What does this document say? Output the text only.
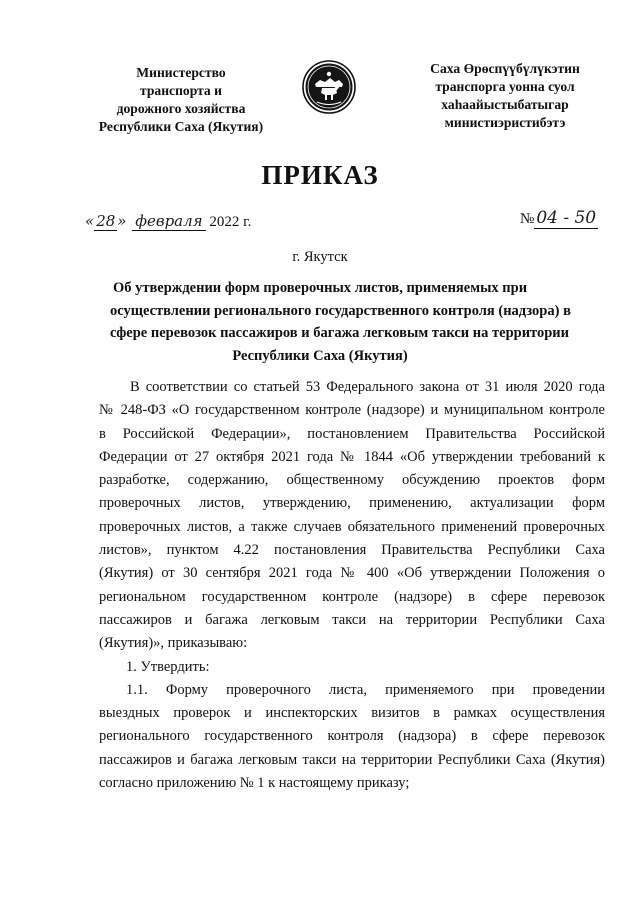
Министерство
транспорта и
дорожного хозяйства
Республики Саха (Якутия)
Саха Өрөспүүбүлүкэтин
транспорга уонна суол
хаһаайыстыбатыгар
министиэристибэтэ
ПРИКАЗ
« 28 » февраля 2022 г.	№ 04 - 50
г. Якутск
Об утверждении форм проверочных листов, применяемых при
осуществлении регионального государственного контроля (надзора) в
сфере перевозок пассажиров и багажа легковым такси на территории
Республики Саха (Якутия)
В соответствии со статьей 53 Федерального закона от 31 июля 2020 года
№ 248-ФЗ «О государственном контроле (надзоре) и муниципальном контроле
в Российской Федерации», постановлением Правительства Российской
Федерации от 27 октября 2021 года № 1844 «Об утверждении требований к
разработке, содержанию, общественному обсуждению проектов форм
проверочных листов, утверждению, применению, актуализации форм
проверочных листов, а также случаев обязательного применений проверочных
листов», пунктом 4.22 постановления Правительства Республики Саха
(Якутия) от 30 сентября 2021 года № 400 «Об утверждении Положения о
региональном государственном контроле (надзоре) в сфере перевозок
пассажиров и багажа легковым такси на территории Республики Саха
(Якутия)», приказываю:
1. Утвердить:
1.1. Форму проверочного листа, применяемого при проведении
выездных проверок и инспекторских визитов в рамках осуществления
регионального государственного контроля (надзора) в сфере перевозок
пассажиров и багажа легковым такси на территории Республики Саха (Якутия)
согласно приложению № 1 к настоящему приказу;
